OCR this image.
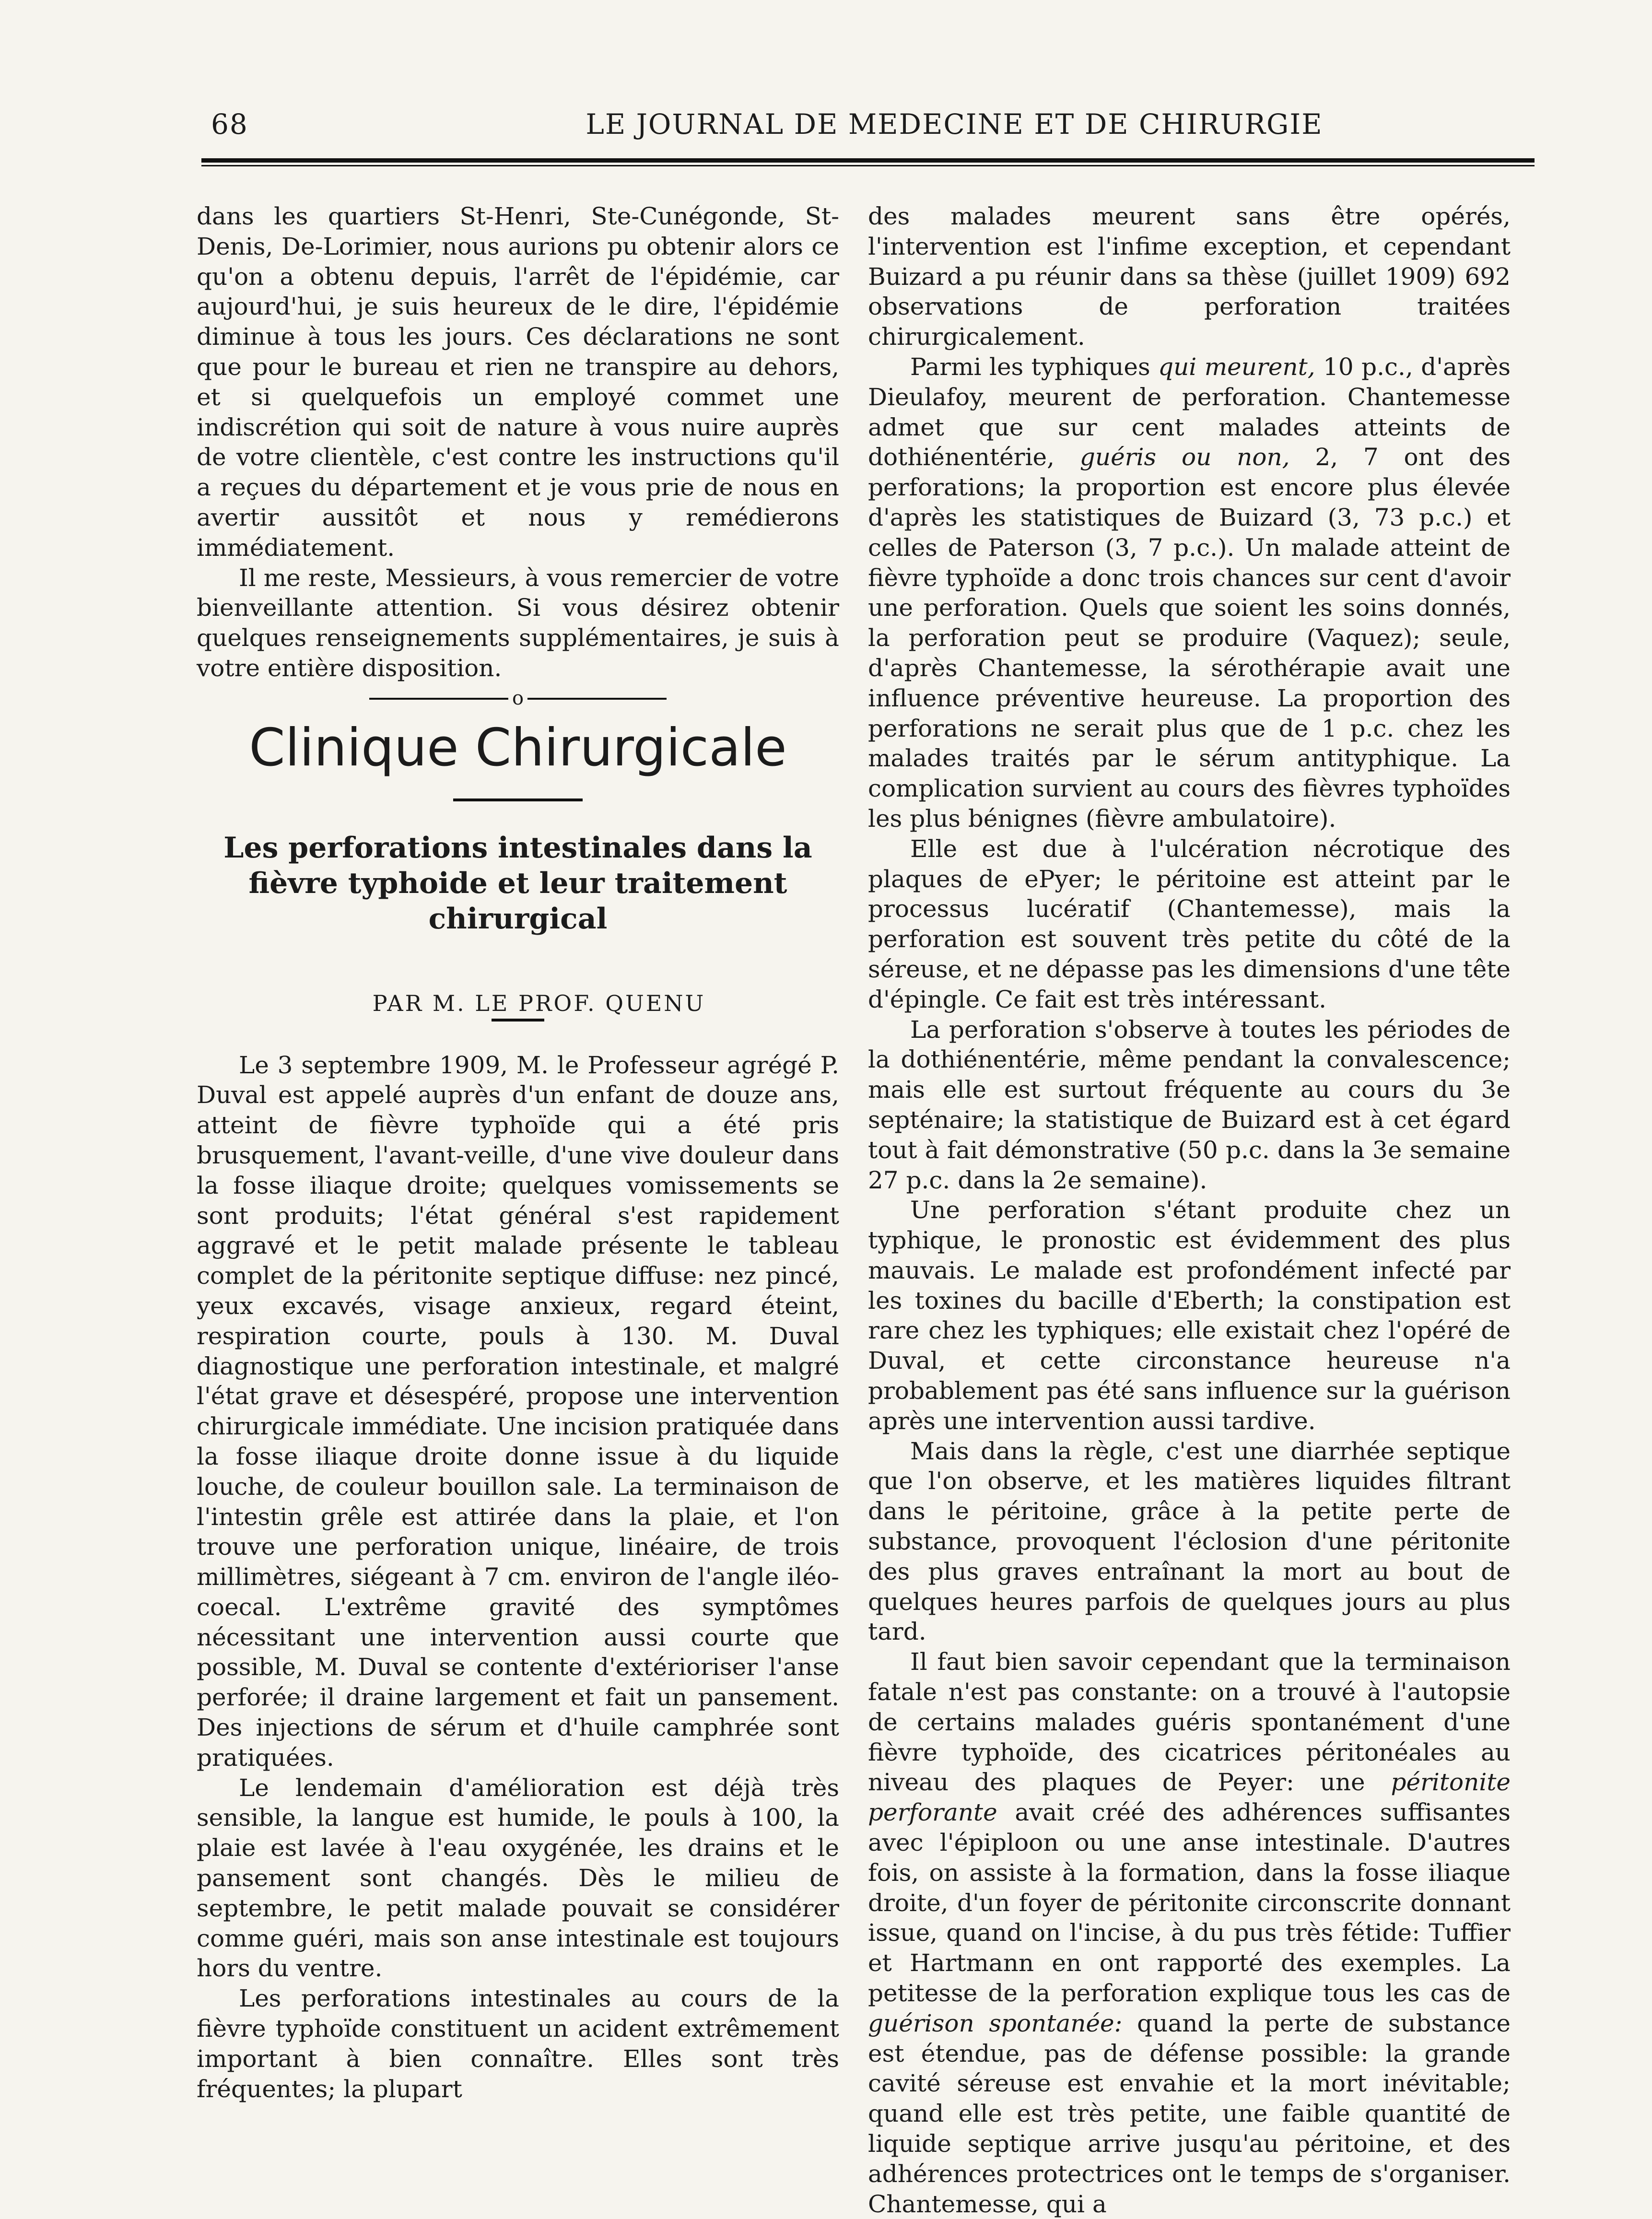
68	LE JOURNAL DE MEDECINE ET DE CHIRURGIE

dans les quartiers St-Henri, Ste-Cunégonde, St-Denis, De-Lorimier, nous aurions pu obtenir alors ce qu'on a obtenu depuis, l'arrêt de l'épidémie, car aujourd'hui, je suis heureux de le dire, l'épidémie diminue à tous les jours. Ces déclarations ne sont que pour le bureau et rien ne transpire au dehors, et si quelquefois un employé commet une indiscrétion qui soit de nature à vous nuire auprès de votre clientèle, c'est contre les instructions qu'il a reçues du département et je vous prie de nous en avertir aussitôt et nous y remédierons immédiatement.

Il me reste, Messieurs, à vous remercier de votre bienveillante attention. Si vous désirez obtenir quelques renseignements supplémentaires, je suis à votre entière disposition.

o
Clinique Chirurgicale
Les perforations intestinales dans la fièvre typhoide et leur traitement chirurgical

PAR M. LE PROF. QUENU

Le 3 septembre 1909, M. le Professeur agrégé P. Duval est appelé auprès d'un enfant de douze ans, atteint de fièvre typhoïde qui a été pris brusquement, l'avant-veille, d'une vive douleur dans la fosse iliaque droite; quelques vomissements se sont produits; l'état général s'est rapidement aggravé et le petit malade présente le tableau complet de la péritonite septique diffuse: nez pincé, yeux excavés, visage anxieux, regard éteint, respiration courte, pouls à 130. M. Duval diagnostique une perforation intestinale, et malgré l'état grave et désespéré, propose une intervention chirurgicale immédiate. Une incision pratiquée dans la fosse iliaque droite donne issue à du liquide louche, de couleur bouillon sale. La terminaison de l'intestin grêle est attirée dans la plaie, et l'on trouve une perforation unique, linéaire, de trois millimètres, siégeant à 7 cm. environ de l'angle iléo-coecal. L'extrême gravité des symptômes nécessitant une intervention aussi courte que possible, M. Duval se contente d'extérioriser l'anse perforée; il draine largement et fait un pansement. Des injections de sérum et d'huile camphrée sont pratiquées.

Le lendemain d'amélioration est déjà très sensible, la langue est humide, le pouls à 100, la plaie est lavée à l'eau oxygénée, les drains et le pansement sont changés. Dès le milieu de septembre, le petit malade pouvait se considérer comme guéri, mais son anse intestinale est toujours hors du ventre.

Les perforations intestinales au cours de la fièvre typhoïde constituent un acident extrêmement important à bien connaître. Elles sont très fréquentes; la plupart

des malades meurent sans être opérés, l'intervention est l'infime exception, et cependant Buizard a pu réunir dans sa thèse (juillet 1909) 692 observations de perforation traitées chirurgicalement.

Parmi les typhiques qui meurent, 10 p.c., d'après Dieulafoy, meurent de perforation. Chantemesse admet que sur cent malades atteints de dothiénentérie, guéris ou non, 2, 7 ont des perforations; la proportion est encore plus élevée d'après les statistiques de Buizard (3, 73 p.c.) et celles de Paterson (3, 7 p.c.). Un malade atteint de fièvre typhoïde a donc trois chances sur cent d'avoir une perforation. Quels que soient les soins donnés, la perforation peut se produire (Vaquez); seule, d'après Chantemesse, la sérothérapie avait une influence préventive heureuse. La proportion des perforations ne serait plus que de 1 p.c. chez les malades traités par le sérum antityphique. La complication survient au cours des fièvres typhoïdes les plus bénignes (fièvre ambulatoire).

Elle est due à l'ulcération nécrotique des plaques de ePyer; le péritoine est atteint par le processus lucératif (Chantemesse), mais la perforation est souvent très petite du côté de la séreuse, et ne dépasse pas les dimensions d'une tête d'épingle. Ce fait est très intéressant.

La perforation s'observe à toutes les périodes de la dothiénentérie, même pendant la convalescence; mais elle est surtout fréquente au cours du 3e septénaire; la statistique de Buizard est à cet égard tout à fait démonstrative (50 p.c. dans la 3e semaine 27 p.c. dans la 2e semaine).

Une perforation s'étant produite chez un typhique, le pronostic est évidemment des plus mauvais. Le malade est profondément infecté par les toxines du bacille d'Eberth; la constipation est rare chez les typhiques; elle existait chez l'opéré de Duval, et cette circonstance heureuse n'a probablement pas été sans influence sur la guérison après une intervention aussi tardive.

Mais dans la règle, c'est une diarrhée septique que l'on observe, et les matières liquides filtrant dans le péritoine, grâce à la petite perte de substance, provoquent l'éclosion d'une péritonite des plus graves entraînant la mort au bout de quelques heures parfois de quelques jours au plus tard.

Il faut bien savoir cependant que la terminaison fatale n'est pas constante: on a trouvé à l'autopsie de certains malades guéris spontanément d'une fièvre typhoïde, des cicatrices péritonéales au niveau des plaques de Peyer: une péritonite perforante avait créé des adhérences suffisantes avec l'épiploon ou une anse intestinale. D'autres fois, on assiste à la formation, dans la fosse iliaque droite, d'un foyer de péritonite circonscrite donnant issue, quand on l'incise, à du pus très fétide: Tuffier et Hartmann en ont rapporté des exemples. La petitesse de la perforation explique tous les cas de guérison spontanée: quand la perte de substance est étendue, pas de défense possible: la grande cavité séreuse est envahie et la mort inévitable; quand elle est très petite, une faible quantité de liquide septique arrive jusqu'au péritoine, et des adhérences protectrices ont le temps de s'organiser. Chantemesse, qui a
